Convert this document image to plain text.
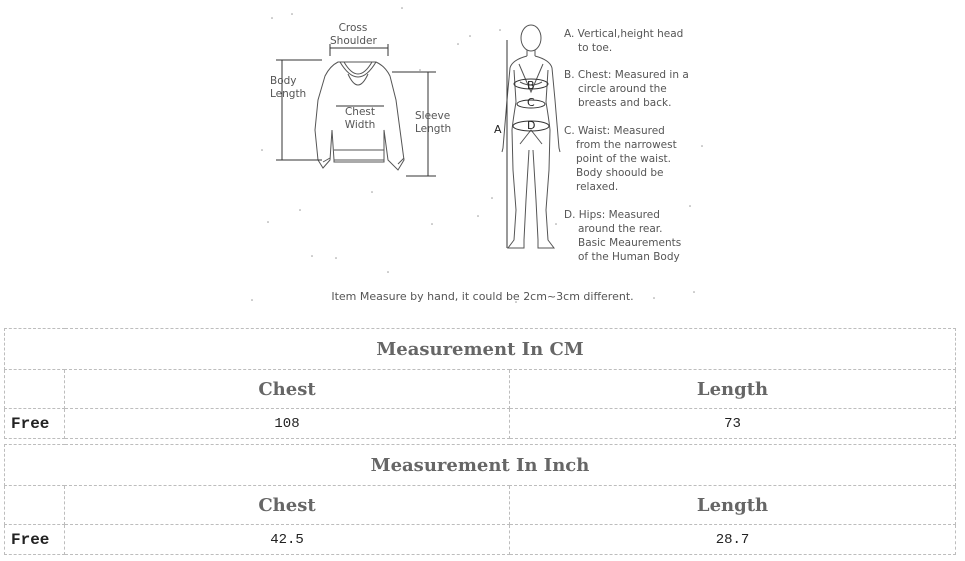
Cross
Shoulder
Body
Length
Chest
Width
Sleeve
Length	A
B
C
D
A. Vertical,height head
to toe.
B. Chest: Measured in a
circle around the
breasts and back.
C. Waist: Measured
from the narrowest
point of the waist.
Body shoould be
relaxed.
D. Hips: Measured
around the rear.
Basic Meaurements
of the Human Body
Item Measure by hand, it could be 2cm~3cm different.
Measurement In CM		
	Chest	Length
Free	108	73
Measurement In Inch		
	Chest	Length
Free	42.5	28.7
